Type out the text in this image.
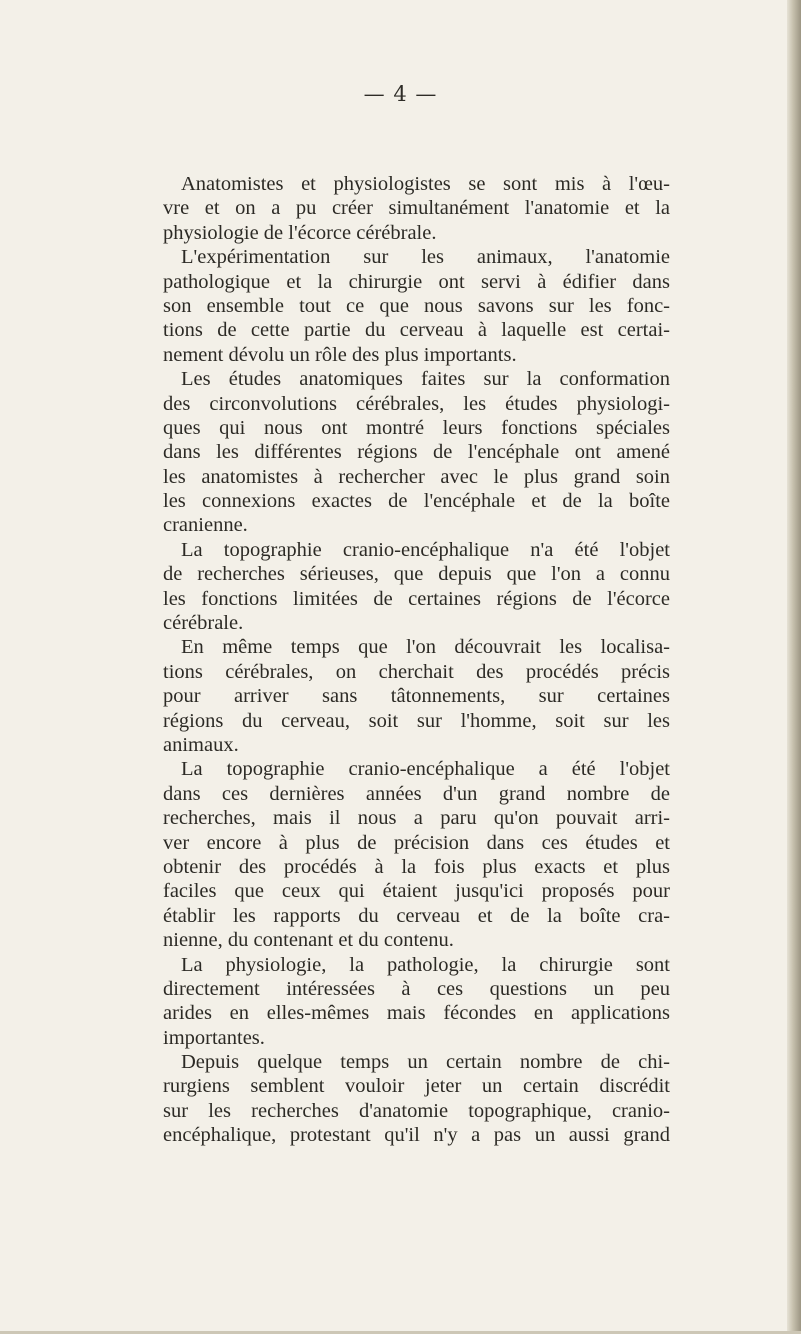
— 4 —
Anatomistes et physiologistes se sont mis à l'œu-
vre et on a pu créer simultanément l'anatomie et la
physiologie de l'écorce cérébrale.
L'expérimentation sur les animaux, l'anatomie
pathologique et la chirurgie ont servi à édifier dans
son ensemble tout ce que nous savons sur les fonc-
tions de cette partie du cerveau à laquelle est certai-
nement dévolu un rôle des plus importants.
Les études anatomiques faites sur la conformation
des circonvolutions cérébrales, les études physiologi-
ques qui nous ont montré leurs fonctions spéciales
dans les différentes régions de l'encéphale ont amené
les anatomistes à rechercher avec le plus grand soin
les connexions exactes de l'encéphale et de la boîte
cranienne.
La topographie cranio-encéphalique n'a été l'objet
de recherches sérieuses, que depuis que l'on a connu
les fonctions limitées de certaines régions de l'écorce
cérébrale.
En même temps que l'on découvrait les localisa-
tions cérébrales, on cherchait des procédés précis
pour arriver sans tâtonnements, sur certaines
régions du cerveau, soit sur l'homme, soit sur les
animaux.
La topographie cranio-encéphalique a été l'objet
dans ces dernières années d'un grand nombre de
recherches, mais il nous a paru qu'on pouvait arri-
ver encore à plus de précision dans ces études et
obtenir des procédés à la fois plus exacts et plus
faciles que ceux qui étaient jusqu'ici proposés pour
établir les rapports du cerveau et de la boîte cra-
nienne, du contenant et du contenu.
La physiologie, la pathologie, la chirurgie sont
directement intéressées à ces questions un peu
arides en elles-mêmes mais fécondes en applications
importantes.
Depuis quelque temps un certain nombre de chi-
rurgiens semblent vouloir jeter un certain discrédit
sur les recherches d'anatomie topographique, cranio-
encéphalique, protestant qu'il n'y a pas un aussi grand
